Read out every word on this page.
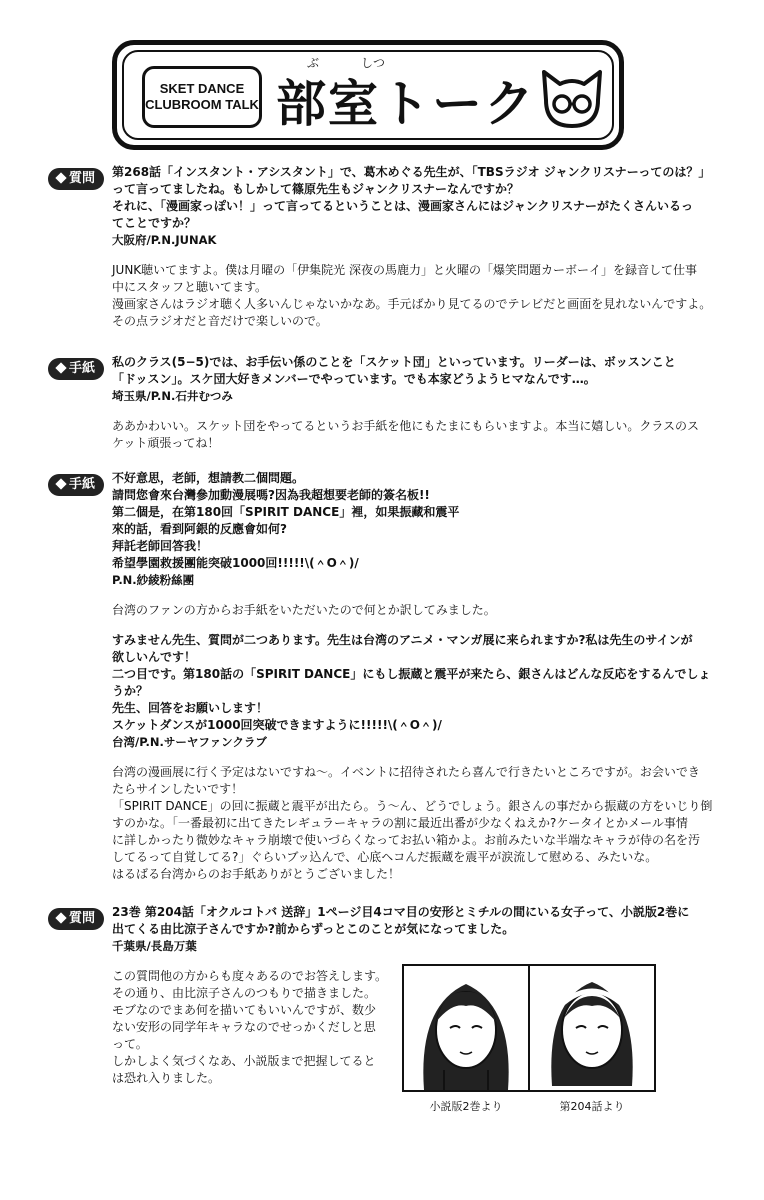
SKET DANCE
CLUBROOM TALK
ぶ	しつ
部室トーク
質問	第268話「インスタント・アシスタント」で、葛木めぐる先生が、「TBSラジオ ジャンクリスナーってのは？」
って言ってましたね。もしかして篠原先生もジャンクリスナーなんですか？
それに、「漫画家っぽい！」って言ってるということは、漫画家さんにはジャンクリスナーがたくさんいるっ
てことですか？
大阪府/P.N.JUNAK
JUNK聴いてますよ。僕は月曜の「伊集院光 深夜の馬鹿力」と火曜の「爆笑問題カーボーイ」を録音して仕事
中にスタッフと聴いてます。
漫画家さんはラジオ聴く人多いんじゃないかなあ。手元ばかり見てるのでテレビだと画面を見れないんですよ。
その点ラジオだと音だけで楽しいので。
手紙	私のクラス(5−5)では、お手伝い係のことを「スケット団」といっています。リーダーは、ボッスンこと
「ドッスン」。スケ団大好きメンバーでやっています。でも本家どうようヒマなんです…。
埼玉県/P.N.石井むつみ
ああかわいい。スケット団をやってるというお手紙を他にもたまにもらいますよ。本当に嬉しい。クラスのス
ケット頑張ってね！
手紙	不好意思，老師，想請教二個問題。
請問您會來台灣參加動漫展嗎?因為我超想要老師的簽名板!!
第二個是，在第180回「SPIRIT DANCE」裡，如果振藏和震平
來的話，看到阿銀的反應會如何?
拜託老師回答我！
希望學園救援團能突破1000回!!!!!\(＾O＾)/
P.N.紗綾粉絲團
台湾のファンの方からお手紙をいただいたので何とか訳してみました。
すみません先生、質問が二つあります。先生は台湾のアニメ・マンガ展に来られますか?私は先生のサインが
欲しいんです！
二つ目です。第180話の「SPIRIT DANCE」にもし振蔵と震平が来たら、銀さんはどんな反応をするんでしょ
うか？
先生、回答をお願いします！
スケットダンスが1000回突破できますように!!!!!\(＾O＾)/
台湾/P.N.サーヤファンクラブ
台湾の漫画展に行く予定はないですね〜。イベントに招待されたら喜んで行きたいところですが。お会いでき
たらサインしたいです！
「SPIRIT DANCE」の回に振蔵と震平が出たら。う〜ん、どうでしょう。銀さんの事だから振蔵の方をいじり倒
すのかな。「一番最初に出てきたレギュラーキャラの割に最近出番が少なくねえか?ケータイとかメール事情
に詳しかったり微妙なキャラ崩壊で使いづらくなってお払い箱かよ。お前みたいな半端なキャラが侍の名を汚
してるって自覚してる?」ぐらいブッ込んで、心底ヘコんだ振蔵を震平が涙流して慰める、みたいな。
はるばる台湾からのお手紙ありがとうございました！
質問	23巻 第204話「オクルコトバ 送辞」1ページ目4コマ目の安形とミチルの間にいる女子って、小説版2巻に
出てくる由比涼子さんですか?前からずっとこのことが気になってました。
千葉県/長島万葉
この質問他の方からも度々あるのでお答えします。
その通り、由比涼子さんのつもりで描きました。
モブなのでまあ何を描いてもいいんですが、数少
ない安形の同学年キャラなのでせっかくだしと思
って。
しかしよく気づくなあ、小説版まで把握してると
は恐れ入りました。
小説版2巻より	第204話より
